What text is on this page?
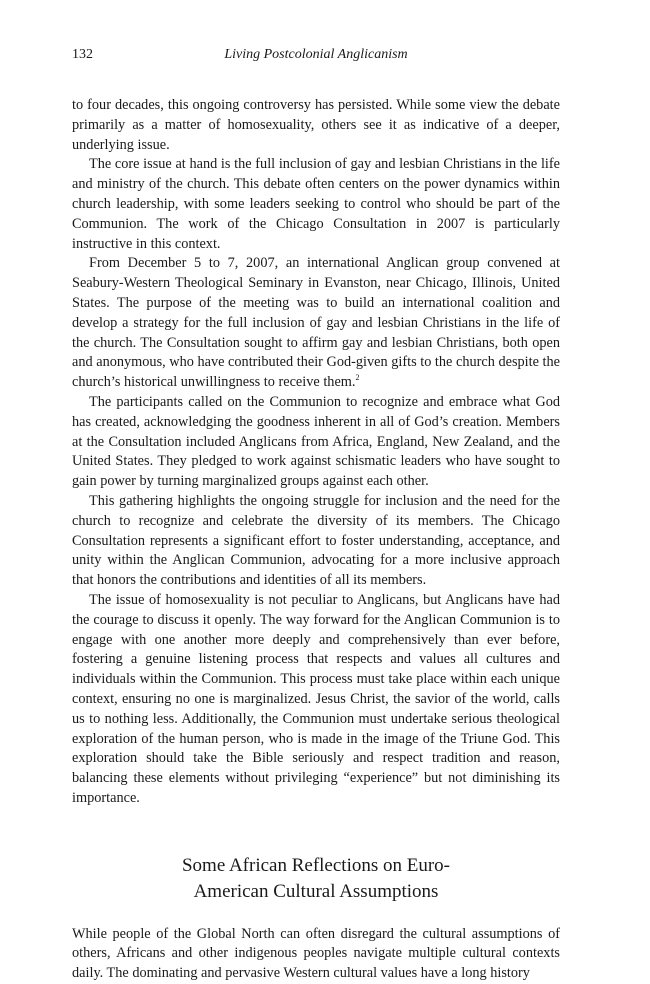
132	Living Postcolonial Anglicanism

to four decades, this ongoing controversy has persisted. While some view the debate primarily as a matter of homosexuality, others see it as indicative of a deeper, underlying issue.

The core issue at hand is the full inclusion of gay and lesbian Christians in the life and ministry of the church. This debate often centers on the power dynamics within church leadership, with some leaders seeking to control who should be part of the Communion. The work of the Chicago Consultation in 2007 is particularly instructive in this context.

From December 5 to 7, 2007, an international Anglican group convened at Seabury-Western Theological Seminary in Evanston, near Chicago, Illinois, United States. The purpose of the meeting was to build an international coalition and develop a strategy for the full inclusion of gay and lesbian Christians in the life of the church. The Consultation sought to affirm gay and lesbian Christians, both open and anonymous, who have contributed their God-given gifts to the church despite the church’s historical unwillingness to receive them.$^2$

The participants called on the Communion to recognize and embrace what God has created, acknowledging the goodness inherent in all of God’s creation. Members at the Consultation included Anglicans from Africa, England, New Zealand, and the United States. They pledged to work against schismatic leaders who have sought to gain power by turning marginalized groups against each other.

This gathering highlights the ongoing struggle for inclusion and the need for the church to recognize and celebrate the diversity of its members. The Chicago Consultation represents a significant effort to foster understanding, acceptance, and unity within the Anglican Communion, advocating for a more inclusive approach that honors the contributions and identities of all its members.

The issue of homosexuality is not peculiar to Anglicans, but Anglicans have had the courage to discuss it openly. The way forward for the Anglican Communion is to engage with one another more deeply and comprehensively than ever before, fostering a genuine listening process that respects and values all cultures and individuals within the Communion. This process must take place within each unique context, ensuring no one is marginalized. Jesus Christ, the savior of the world, calls us to nothing less. Additionally, the Communion must undertake serious theological exploration of the human person, who is made in the image of the Triune God. This exploration should take the Bible seriously and respect tradition and reason, balancing these elements without privileging “experience” but not diminishing its importance.

Some African Reflections on Euro-American Cultural Assumptions

While people of the Global North can often disregard the cultural assumptions of others, Africans and other indigenous peoples navigate multiple cultural contexts daily. The dominating and pervasive Western cultural values have a long history
